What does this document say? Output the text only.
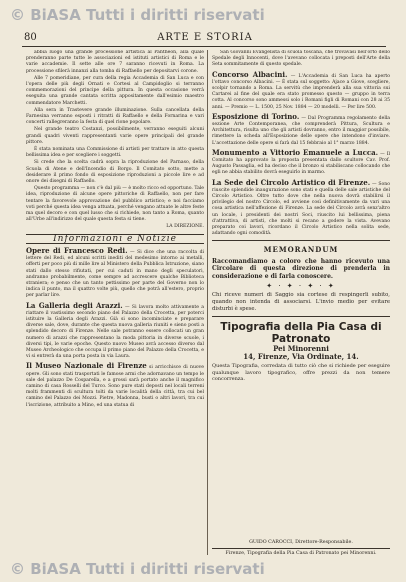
© BiASA Tutti i diritti riservati
80	ARTE E STORIA

abbia luogo una grande processione artistica al Pantheon, alla quale prenderanno parte tutte le associazioni ed istituti artistici di Roma e le varie accademie. Il sette alle ore 7 saranno ricevuti in Roma. La processione sfilerà innanzi alla tomba di Raffaello per depositarvi corone.

Alle 7 pomeridiane, per cura della regia Accademia di San Luca e con l'opera delle più degli Ornati e Cortesi al Campidoglio si terranno commemorazioni del principe della pittura. In questa occasione verrà eseguita una grande cantata scritta appositamente dall'esimio maestro commendatore Marchetti.

Alla sera in Trastevere grande illuminazione. Sulla cancellata della Farnesina verranno esposti i ritratti di Raffaello e della Fornarina e vari concerti rallegreranno la festa di quel rione popolare.

Nel grande teatro Costanzi, possibilmente, verranno eseguiti alcuni grandi quadri viventi rappresentanti varie opere principali del grande pittore.

È stata nominata una Commissione di artisti per trattare in atto questa bellissima idea e per scegliere i soggetti.

Si crede che la scelta cadrà sopra la riproduzione del Parnaso, della Scuola di Atene e dell'Incendio di Borgo. Il Comitato sotto, mette a desiderare il primo fondo di esposizione riproduzioni a piccole lire e ad onore dei disegni di Raffaello.

Questo programma — non c'è dal più — è molto ricco ed opportuno. Tale idea, riproduzione di alcune opere pittoriche di Raffaello, non per fare tentare la favorevole approvazione del pubblico artistico; e noi facciamo voti perché questa idea venga attuata, perché vengano attuate le altre feste ma quel decoro e con quel lusso che si richiede, non tanto a Roma, quanto all'Urbe all'indirizzo del quale questa festa si tiene.

LA DIREZIONE.
Informazioni e Notizie
Opere di Francesco Redi. — Si dice che una raccolta di lettere del Redi, ed alcuni scritti inediti del medesimo intorno ai metalli, offerti per poco più di mille lire al Ministero della Pubblica Istruzione, siano stati dallo stesso rifiutati, per cui caduti in mano degli speculatori, andranno probabilmente, come sempre ad accrescere qualche Biblioteca straniera; e penso che un tanto pettissimo per parte del Governo non lo indica il punto, ma il quattro volte più, quello che potrà all'estero, proprio per parlar lire.
La Galleria degli Arazzi. — Si lavora molto attivamente a riattare il vastissimo secondo piano del Palazzo della Crocetta, per poterci istituire la Galleria degli Arazzi. Già si sono incominciate e preparare diverse sale, dove, durante che questa nuova galleria riuniti e sieno posti a splendido decoro di Firenze. Nelle sale potranno essere collocati un gran numero di arazzi che rappresentano la moda pittoria in diverse scuole, i diversi tipi, le varie epoche. Questo nuovo Museo avrà accesso diverso dal Museo Archeologico che occupa il primo piano del Palazzo della Crocetta, e vi si entrerà da una porta posta in via Laura.
Il Museo Nazionale di Firenze si arricchisce di nuove opere. Gli sono stati trasportati le famose armi che adornavano un tempo le sale del palazzo De Cosparella, e a grossi sarà portato anche il magnifico camino di casa Rosselli del Turco. Sono pure stati deposti nel locali terreni molti frammenti di scultura tolti da varie località della città, tra cui bel camino del Palazzo dei Mozzi. Pietre, Madonna, busti o altri lavori, tra cui l'iscrizione, attribuito a Mino, ed una statua di

San Giovanni Evangelista di scuola toscana, che trovavasi nell'orto dello Spedale degli Innocenti, dove l'avevano collocata i preposti dell'Arte della Seta sommitamente di questo spedale.

Concorso Albacini. — L'Accademia di San Luca ha aperto l'ottavo concorso Albacini. — È stata sul soggetto: Ajace a Giove, scegliere, scolpir tornando a Roma. La servitù che imprenderà alla sua vittoria sui Cartarei al fine del quale era stato promesso questo — gruppo in terra cotta. Al concorso sono ammessi solo i Romani figli di Romani con 28 ai 35 anni. — Premio — L. 1500, 25 Nov. 1884 — 20 modelli. — Per lire 500.
Esposizione di Torino. — Dal Programma regolamento della sezione Arte Contemporanea, che comprenderà Pittura, Scultura e Architettura, risulta uno che gli artisti dovranno, entro il maggior possibile, rimettere la scheda all'Esposizione delle opere che intendono d'inviare. L'accettazione delle opere si farà dal 15 febbraio al 1° marzo 1884.
Monumento a Vittorio Emanuele a Lucca. — Il Comitato ha approvato la proposta presentata dallo scultore Cav. Prof. Augusto Passaglia, ed ha deciso che il bronzo si stabiliscano collocando che egli ne abbia stabilito dovrà eseguirlo in marmo.
La Sede del Circolo Artistico di Firenze. — Sono riuscite splendide inaugurazione sono stati e quella delle sale artistiche del Circolo Artistico. Oltre tutto dove che nella nuova dovrà stabilirsi il privilegio del nostro Circolo, ed avviene così definitivamente da vari una cosa artistica nell'affezione di Firenze. La sede del Circolo avrà senz'altro un locale, i presidenti dei nostri Soci, riuscito lui bellissima, piena d'attrattiva, di artisti, che molti si recano a godere la vista. Avevano preparato coi lavori, ricordano il Circolo Artistico nella solita sede, adattando ogni comodità.
MEMORANDUM
Raccomandiamo a coloro che hanno ricevuto una Circolare di questa direzione di prenderla in considerazione e di farla conoscere.
✦ · ✦ · ✦ · ✦
Chi riceve numeri di Saggio sia cortese di respingerli subito, quando non intenda di associarsi. L'invio medio per evitare disturbi è spese.
Tipografia della Pia Casa di Patronato
Pei Minorenni
14, Firenze, Via Ordinate, 14.
Questa Tipografia, corredata di tutto ciò che si richiede per eseguire qualunque lavoro tipografico, offre prezzi da non temere concorrenza.
GUIDO CAROCCI, Direttore-Responsabile.
Firenze, Tipografia della Pia Casa di Patronato pei Minorenni.
© BiASA Tutti i diritti riservati
